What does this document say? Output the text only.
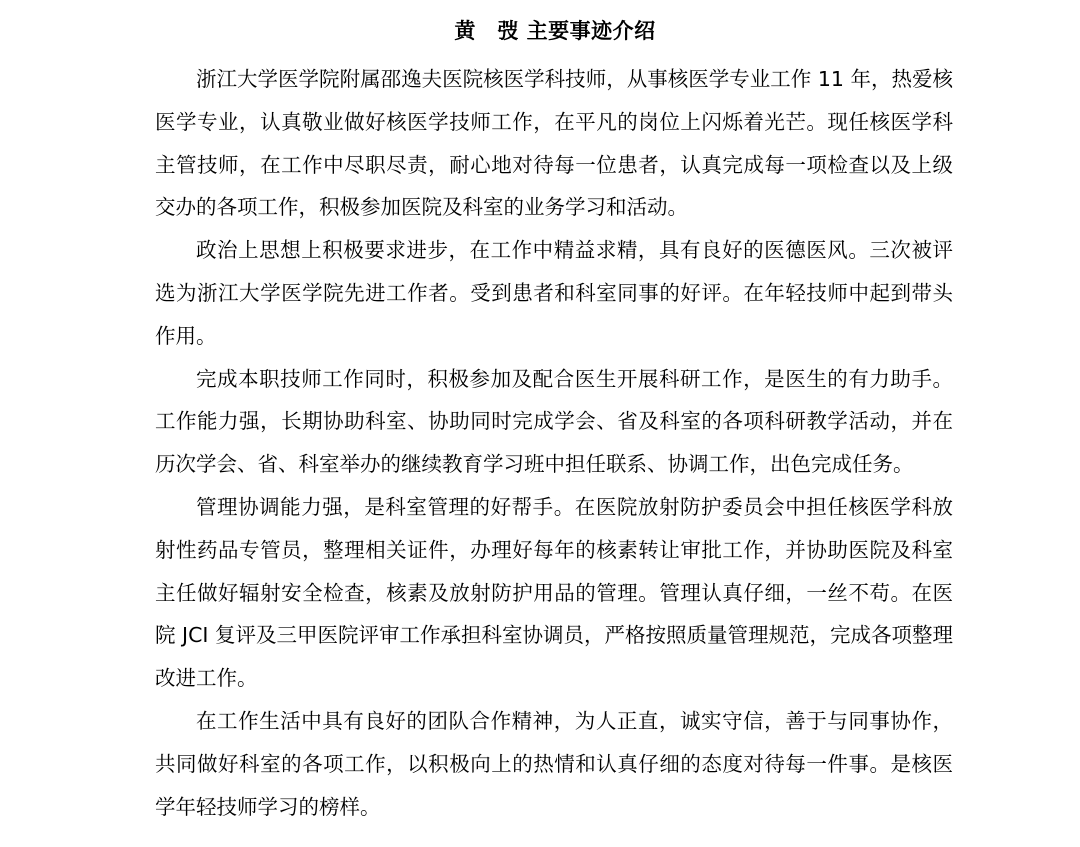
黄　弢 主要事迹介绍

浙江大学医学院附属邵逸夫医院核医学科技师，从事核医学专业工作 11 年，热爱核医学专业，认真敬业做好核医学技师工作，在平凡的岗位上闪烁着光芒。现任核医学科主管技师，在工作中尽职尽责，耐心地对待每一位患者，认真完成每一项检查以及上级交办的各项工作，积极参加医院及科室的业务学习和活动。

政治上思想上积极要求进步，在工作中精益求精，具有良好的医德医风。三次被评选为浙江大学医学院先进工作者。受到患者和科室同事的好评。在年轻技师中起到带头作用。

完成本职技师工作同时，积极参加及配合医生开展科研工作，是医生的有力助手。工作能力强，长期协助科室、协助同时完成学会、省及科室的各项科研教学活动，并在历次学会、省、科室举办的继续教育学习班中担任联系、协调工作，出色完成任务。

管理协调能力强，是科室管理的好帮手。在医院放射防护委员会中担任核医学科放射性药品专管员，整理相关证件，办理好每年的核素转让审批工作，并协助医院及科室主任做好辐射安全检查，核素及放射防护用品的管理。管理认真仔细，一丝不苟。在医院 JCI 复评及三甲医院评审工作承担科室协调员，严格按照质量管理规范，完成各项整理改进工作。

在工作生活中具有良好的团队合作精神，为人正直，诚实守信，善于与同事协作，共同做好科室的各项工作，以积极向上的热情和认真仔细的态度对待每一件事。是核医学年轻技师学习的榜样。
